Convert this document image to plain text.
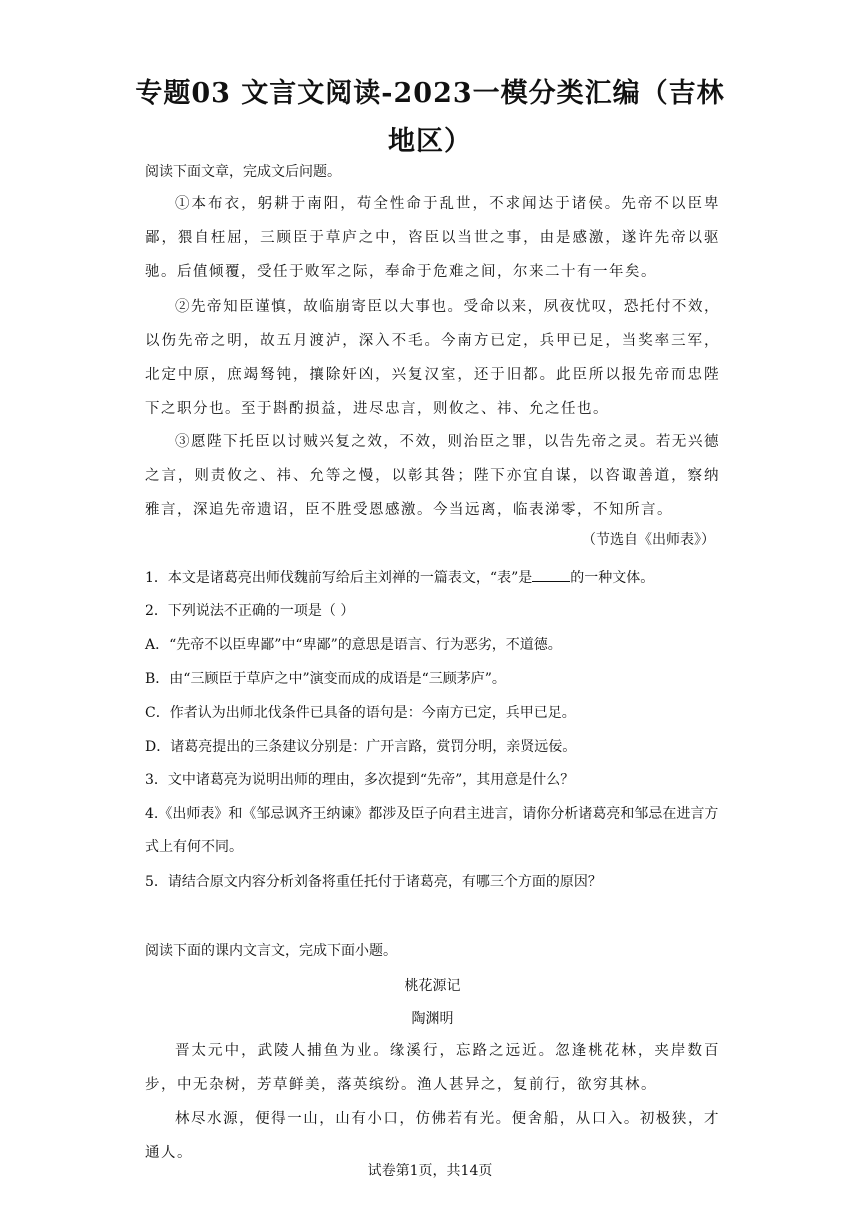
专题03 文言文阅读-2023一模分类汇编（吉林地区）
阅读下面文章，完成文后问题。
①本布衣，躬耕于南阳，苟全性命于乱世，不求闻达于诸侯。先帝不以臣卑鄙，猥自枉屈，三顾臣于草庐之中，咨臣以当世之事，由是感激，遂许先帝以驱驰。后值倾覆，受任于败军之际，奉命于危难之间，尔来二十有一年矣。
②先帝知臣谨慎，故临崩寄臣以大事也。受命以来，夙夜忧叹，恐托付不效，以伤先帝之明，故五月渡泸，深入不毛。今南方已定，兵甲已足，当奖率三军，北定中原，庶竭驽钝，攘除奸凶，兴复汉室，还于旧都。此臣所以报先帝而忠陛下之职分也。至于斟酌损益，进尽忠言，则攸之、祎、允之任也。
③愿陛下托臣以讨贼兴复之效，不效，则治臣之罪，以告先帝之灵。若无兴德之言，则责攸之、祎、允等之慢，以彰其咎；陛下亦宜自谋，以咨诹善道，察纳雅言，深追先帝遗诏，臣不胜受恩感激。今当远离，临表涕零，不知所言。
（节选自《出师表》）
1．本文是诸葛亮出师伐魏前写给后主刘禅的一篇表文，“表”是	的一种文体。
2．下列说法不正确的一项是（ ）
A．“先帝不以臣卑鄙”中“卑鄙”的意思是语言、行为恶劣，不道德。
B．由“三顾臣于草庐之中”演变而成的成语是“三顾茅庐”。
C．作者认为出师北伐条件已具备的语句是：今南方已定，兵甲已足。
D．诸葛亮提出的三条建议分别是：广开言路，赏罚分明，亲贤远佞。
3．文中诸葛亮为说明出师的理由，多次提到“先帝”，其用意是什么？
4.《出师表》和《邹忌讽齐王纳谏》都涉及臣子向君主进言，请你分析诸葛亮和邹忌在进言方式上有何不同。
5．请结合原文内容分析刘备将重任托付于诸葛亮，有哪三个方面的原因？
阅读下面的课内文言文，完成下面小题。
桃花源记
陶渊明
晋太元中，武陵人捕鱼为业。缘溪行，忘路之远近。忽逢桃花林，夹岸数百步，中无杂树，芳草鲜美，落英缤纷。渔人甚异之，复前行，欲穷其林。
林尽水源，便得一山，山有小口，仿佛若有光。便舍船，从口入。初极狭，才通人。
试卷第1页，共14页
